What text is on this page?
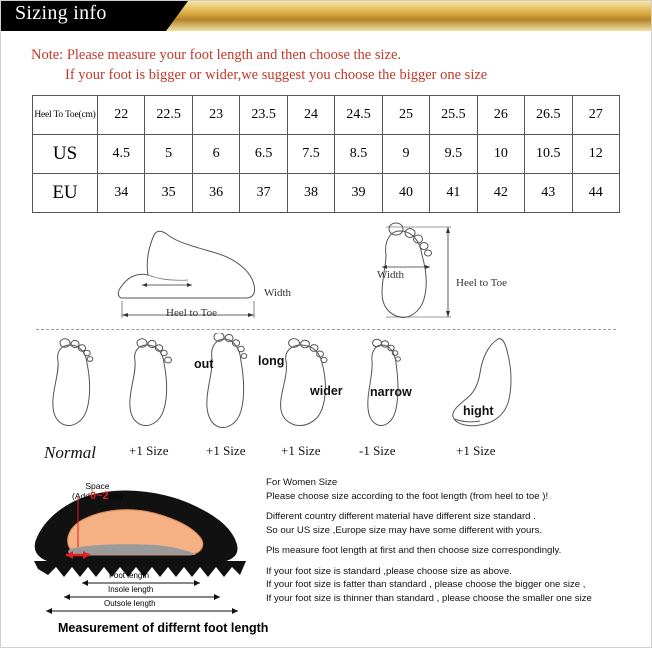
Sizing info
Note: Please measure your foot length and then choose the size.
If your foot is bigger or wider,we suggest you choose the bigger one size
Heel To Toe(cm)	22	22.5	23	23.5	24	24.5	25	25.5	26	26.5	27
US	4.5	5	6	6.5	7.5	8.5	9	9.5	10	10.5	12
EU	34	35	36	37	38	39	40	41	42	43	44
Width
Heel to Toe
Width
Heel to Toe
out	long
wider narrow
hight
Normal	+1 Size	+1 Size	+1 Size	-1 Size	+1 Size
Space
(Add0~2cm)
Foot length
Insole length
Outsole length

For Women Size

Please choose size according to the foot length (from heel to toe )!

Different country different material have different size standard .

So our US size ,Europe size may have some different with yours.

Pls measure foot length at first and then choose size correspondingly.

If your foot size is standard ,please choose size as above.

If your foot size is fatter than standard , please choose the bigger one size ,

If your foot size is thinner than standard , please choose the smaller one size

Measurement of differnt foot length
